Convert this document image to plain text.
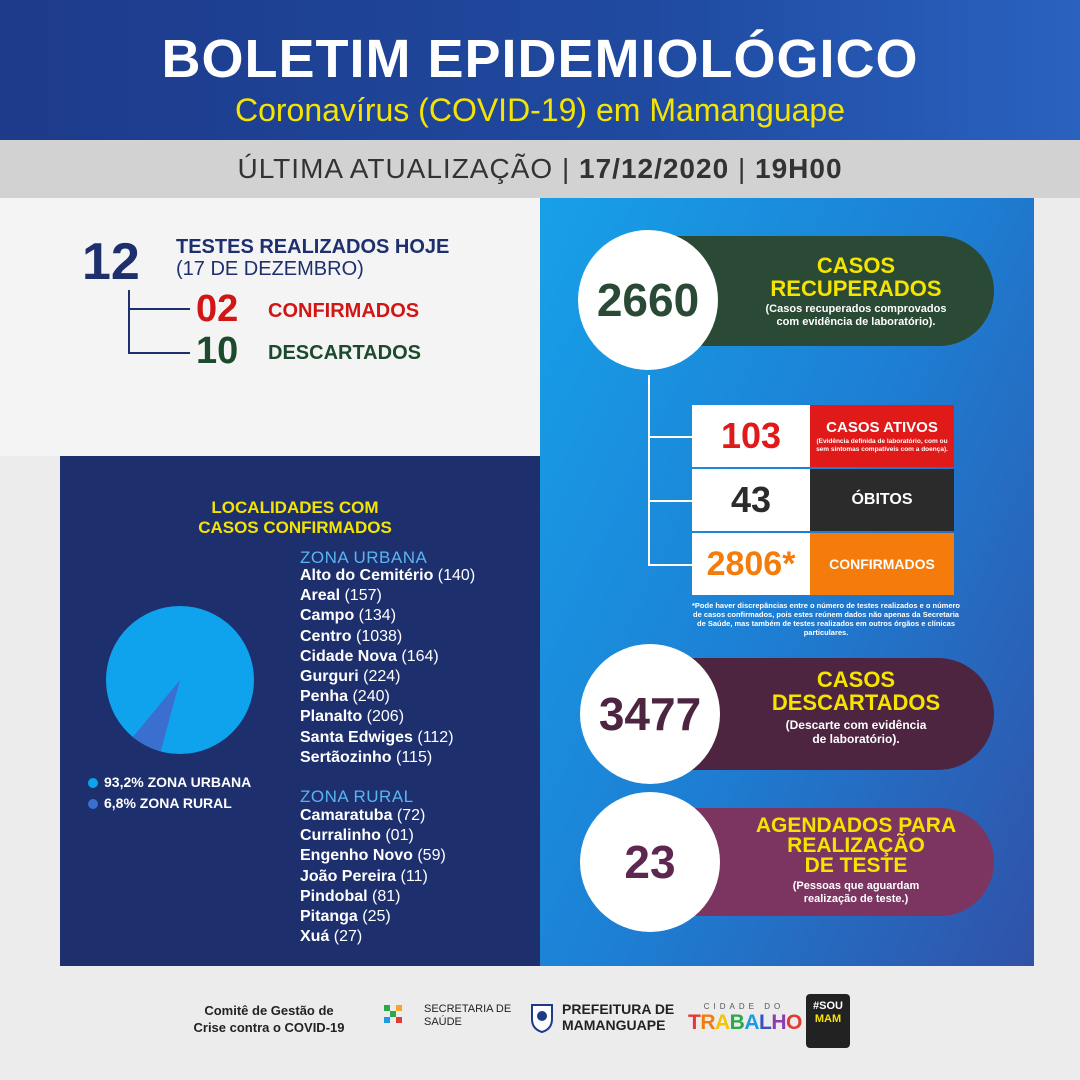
BOLETIM EPIDEMIOLÓGICO
Coronavírus (COVID-19) em Mamanguape
ÚLTIMA ATUALIZAÇÃO | 17/12/2020 | 19H00
12 TESTES REALIZADOS HOJE
(17 DE DEZEMBRO)
02 CONFIRMADOS
10 DESCARTADOS
LOCALIDADES COM
CASOS CONFIRMADOS
93,2% ZONA URBANA
6,8% ZONA RURAL
ZONA URBANA
Alto do Cemitério (140)
Areal (157)
Campo (134)
Centro (1038)
Cidade Nova (164)
Gurguri (224)
Penha (240)
Planalto (206)
Santa Edwiges (112)
Sertãozinho (115)
ZONA RURAL
Camaratuba (72)
Curralinho (01)
Engenho Novo (59)
João Pereira (11)
Pindobal (81)
Pitanga (25)
Xuá (27)
2660
CASOS
RECUPERADOS
(Casos recuperados comprovados
com evidência de laboratório).
103	CASOS ATIVOS
(Evidência definida de laboratório, com ou sem sintomas compatíveis com a doença).
43	ÓBITOS
2806*	CONFIRMADOS
*Pode haver discrepâncias entre o número de testes realizados e o número de casos confirmados, pois estes reúnem dados não apenas da Secretaria de Saúde, mas também de testes realizados em outros órgãos e clínicas particulares.
3477
CASOS
DESCARTADOS
(Descarte com evidência
de laboratório).
23
AGENDADOS PARA
REALIZAÇÃO
DE TESTE
(Pessoas que aguardam
realização de teste.)
Comitê de Gestão de
Crise contra o COVID-19
SECRETARIA DE
SAÚDE
PREFEITURA DE
MAMANGUAPE
CIDADE DO
TRABALHO
#SOU
MAM
